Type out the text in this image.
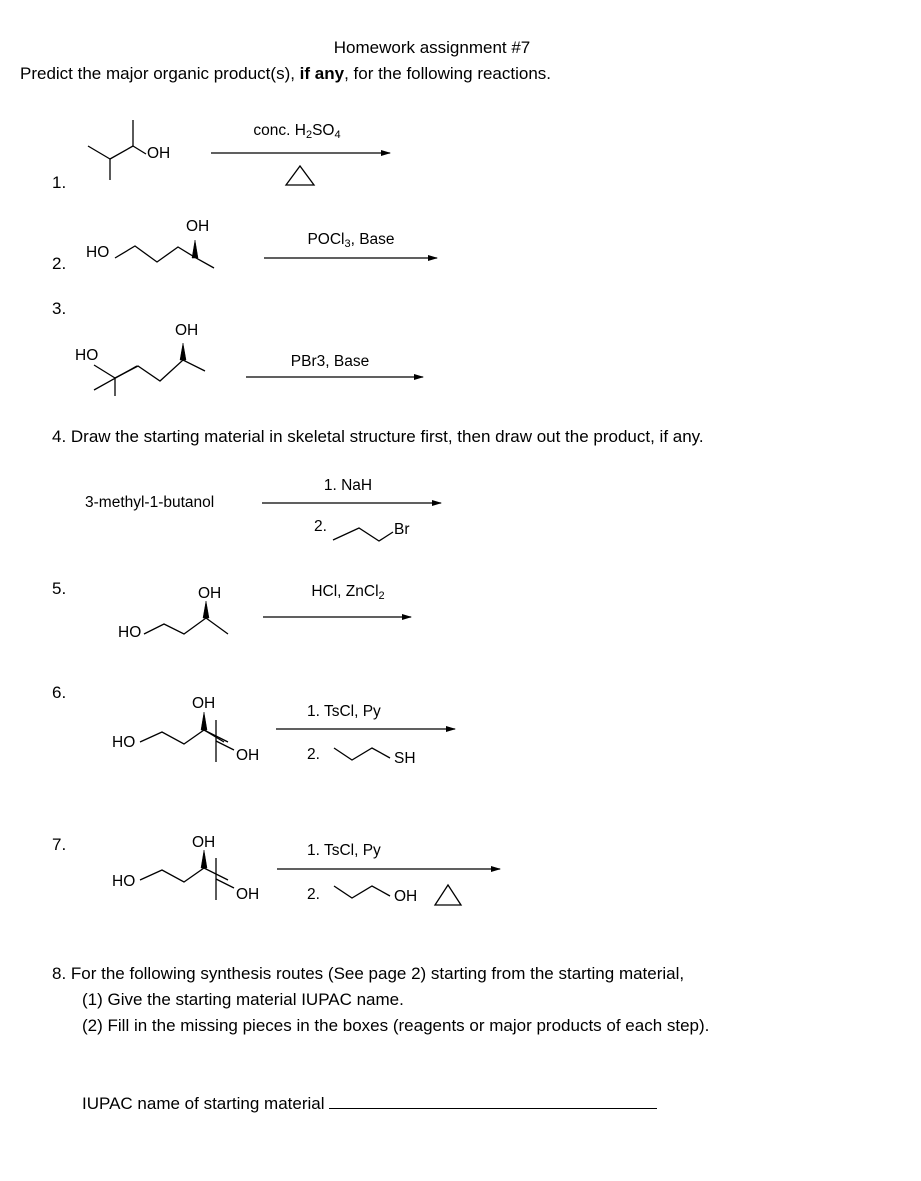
Homework assignment #7
Predict the major organic product(s), if any, for the following reactions.
1.
OH
conc. $H_2SO_4$
2.
HO
OH
POCl$_3$, Base
3.
HO
OH
PBr3, Base
4. Draw the starting material in skeletal structure first, then draw out the product, if any.
3-methyl-1-butanol
1. NaH
2.	Br
5.
HO
OH	HCl, ZnCl$_2$
6.
HO
OH
OH
1. TsCl, Py
2.	SH
7.
HO
OH
OH
1. TsCl, Py
2.	OH
8. For the following synthesis routes (See page 2) starting from the starting material,
(1) Give the starting material IUPAC name.
(2) Fill in the missing pieces in the boxes (reagents or major products of each step).
IUPAC name of starting material
